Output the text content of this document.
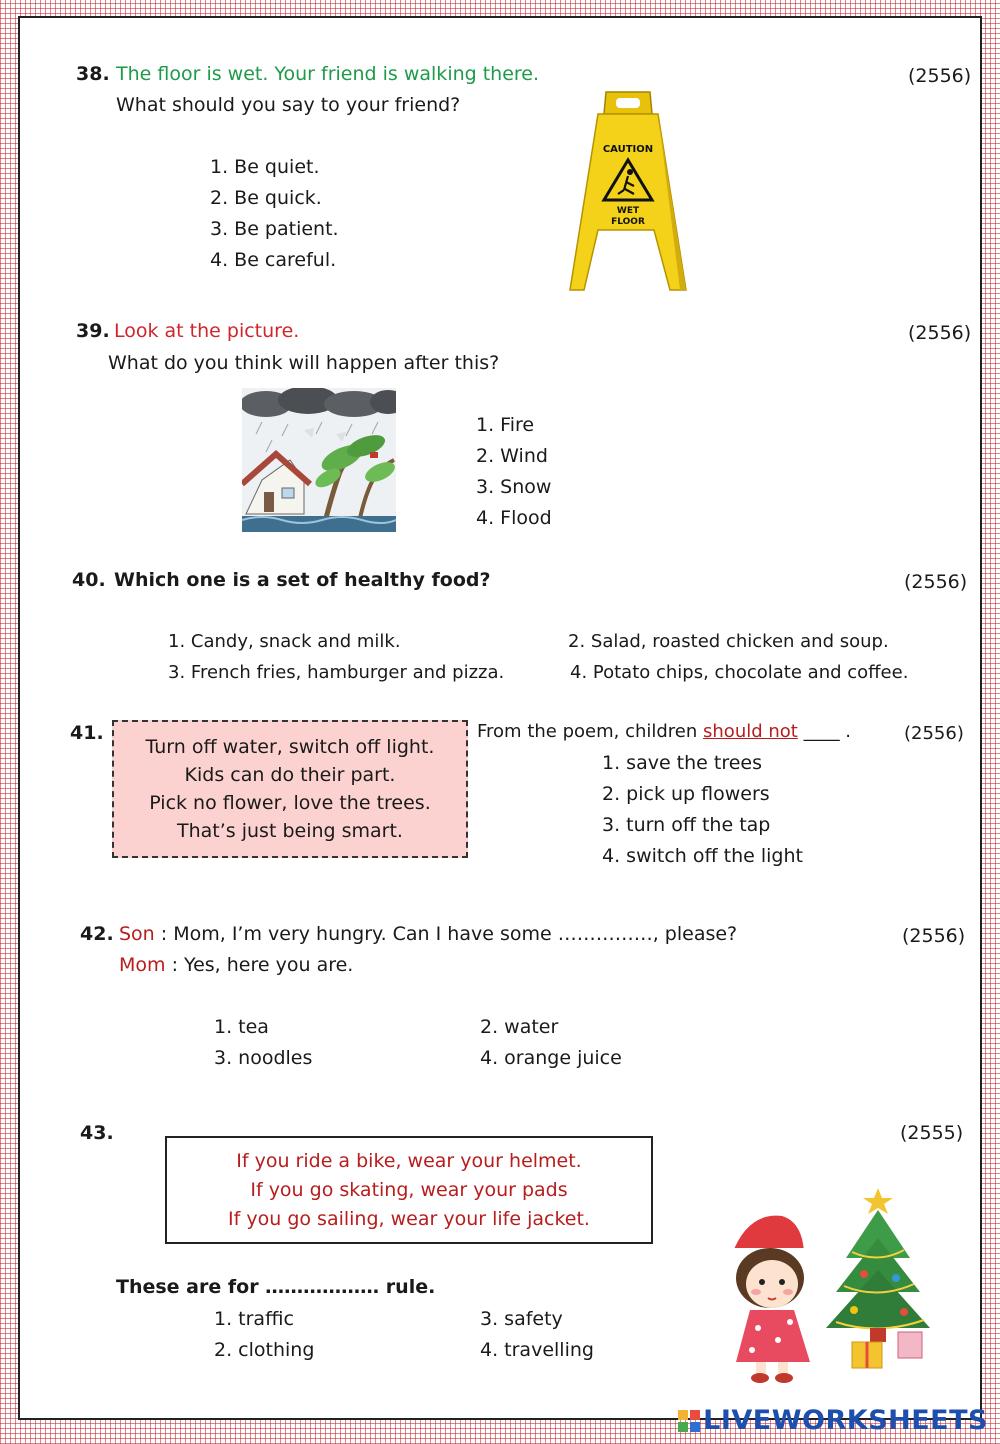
38. The floor is wet. Your friend is walking there.	(2556)
What should you say to your friend?
1. Be quiet.
2. Be quick.
3. Be patient.
4. Be careful.
CAUTION
WET
FLOOR
39. Look at the picture.	(2556)
What do you think will happen after this?
1. Fire
2. Wind
3. Snow
4. Flood
40. Which one is a set of healthy food?	(2556)
1. Candy, snack and milk.	2. Salad, roasted chicken and soup.
3. French fries, hamburger and pizza.	4. Potato chips, chocolate and coffee.
41.
Turn off water, switch off light.
Kids can do their part.
Pick no flower, love the trees.
That’s just being smart.
From the poem, children should not ____ .	(2556)
1. save the trees
2. pick up flowers
3. turn off the tap
4. switch off the light
42. Son : Mom, I’m very hungry. Can I have some ……………, please?	(2556)
Mom : Yes, here you are.
1. tea	2. water
3. noodles	4. orange juice
43.	(2555)
If you ride a bike, wear your helmet.
If you go skating, wear your pads
If you go sailing, wear your life jacket.
These are for ……………… rule.
1. traffic	3. safety
2. clothing	4. travelling
LIVEWORKSHEETS
